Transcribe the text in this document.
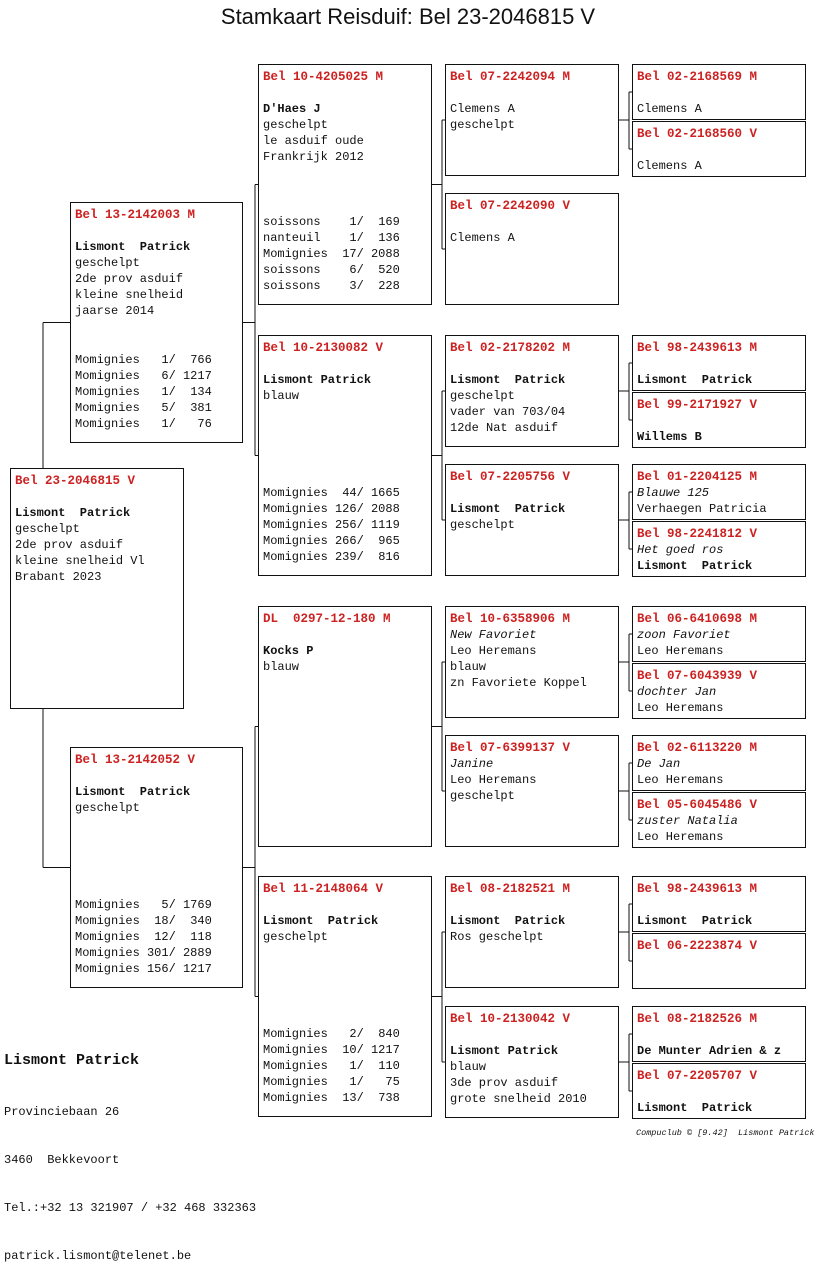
Stamkaart Reisduif: Bel 23-2046815 V
Bel 23-2046815 V
Lismont  Patrick
geschelpt
2de prov asduif
kleine snelheid Vl
Brabant 2023
Bel 13-2142003 M
Lismont  Patrick
geschelpt
2de prov asduif
kleine snelheid
jaarse 2014
Momignies 1 / 766
Momignies 6 / 1217
Momignies 1 / 134
Momignies 5 / 381
Momignies 1 / 76
Bel 13-2142052 V
Lismont  Patrick
geschelpt
Momignies 5 / 1769
Momignies 18 / 340
Momignies 12 / 118
Momignies 301 / 2889
Momignies 156 / 1217
Bel 10-4205025 M
D'Haes J
geschelpt
le asduif oude
Frankrijk 2012
soissons 1 / 169
nanteuil 1 / 136
Momignies 17 / 2088
soissons 6 / 520
soissons 3 / 228
Bel 10-2130082 V
Lismont Patrick
blauw
Momignies 44 / 1665
Momignies 126 / 2088
Momignies 256 / 1119
Momignies 266 / 965
Momignies 239 / 816
DL  0297-12-180 M
Kocks P
blauw
Bel 11-2148064 V
Lismont  Patrick
geschelpt
Momignies 2 / 840
Momignies 10 / 1217
Momignies 1 / 110
Momignies 1 / 75
Momignies 13 / 738
Bel 07-2242094 M
Clemens A
geschelpt
Bel 07-2242090 V
Clemens A
Bel 02-2178202 M
Lismont  Patrick
geschelpt
vader van 703/04
12de Nat asduif
Bel 07-2205756 V
Lismont  Patrick
geschelpt
Bel 10-6358906 M
New Favoriet
Leo Heremans
blauw
zn Favoriete Koppel
Bel 07-6399137 V
Janine
Leo Heremans
geschelpt
Bel 08-2182521 M
Lismont  Patrick
Ros geschelpt
Bel 10-2130042 V
Lismont Patrick
blauw
3de prov asduif
grote snelheid 2010
Bel 02-2168569 M
Clemens A
Bel 02-2168560 V
Clemens A
Bel 98-2439613 M
Lismont  Patrick
Bel 99-2171927 V
Willems B
Bel 01-2204125 M
Blauwe 125
Verhaegen Patricia
Bel 98-2241812 V
Het goed ros
Lismont  Patrick
Bel 06-6410698 M
zoon Favoriet
Leo Heremans
Bel 07-6043939 V
dochter Jan
Leo Heremans
Bel 02-6113220 M
De Jan
Leo Heremans
Bel 05-6045486 V
zuster Natalia
Leo Heremans
Bel 98-2439613 M
Lismont  Patrick
Bel 06-2223874 V
Bel 08-2182526 M
De Munter Adrien & z
Bel 07-2205707 V
Lismont  Patrick

Lismont Patrick

Provinciebaan 26

3460  Bekkevoort

Tel.:+32 13 321907 / +32 468 332363

patrick.lismont@telenet.be

Compuclub © [9.42]  Lismont Patrick
